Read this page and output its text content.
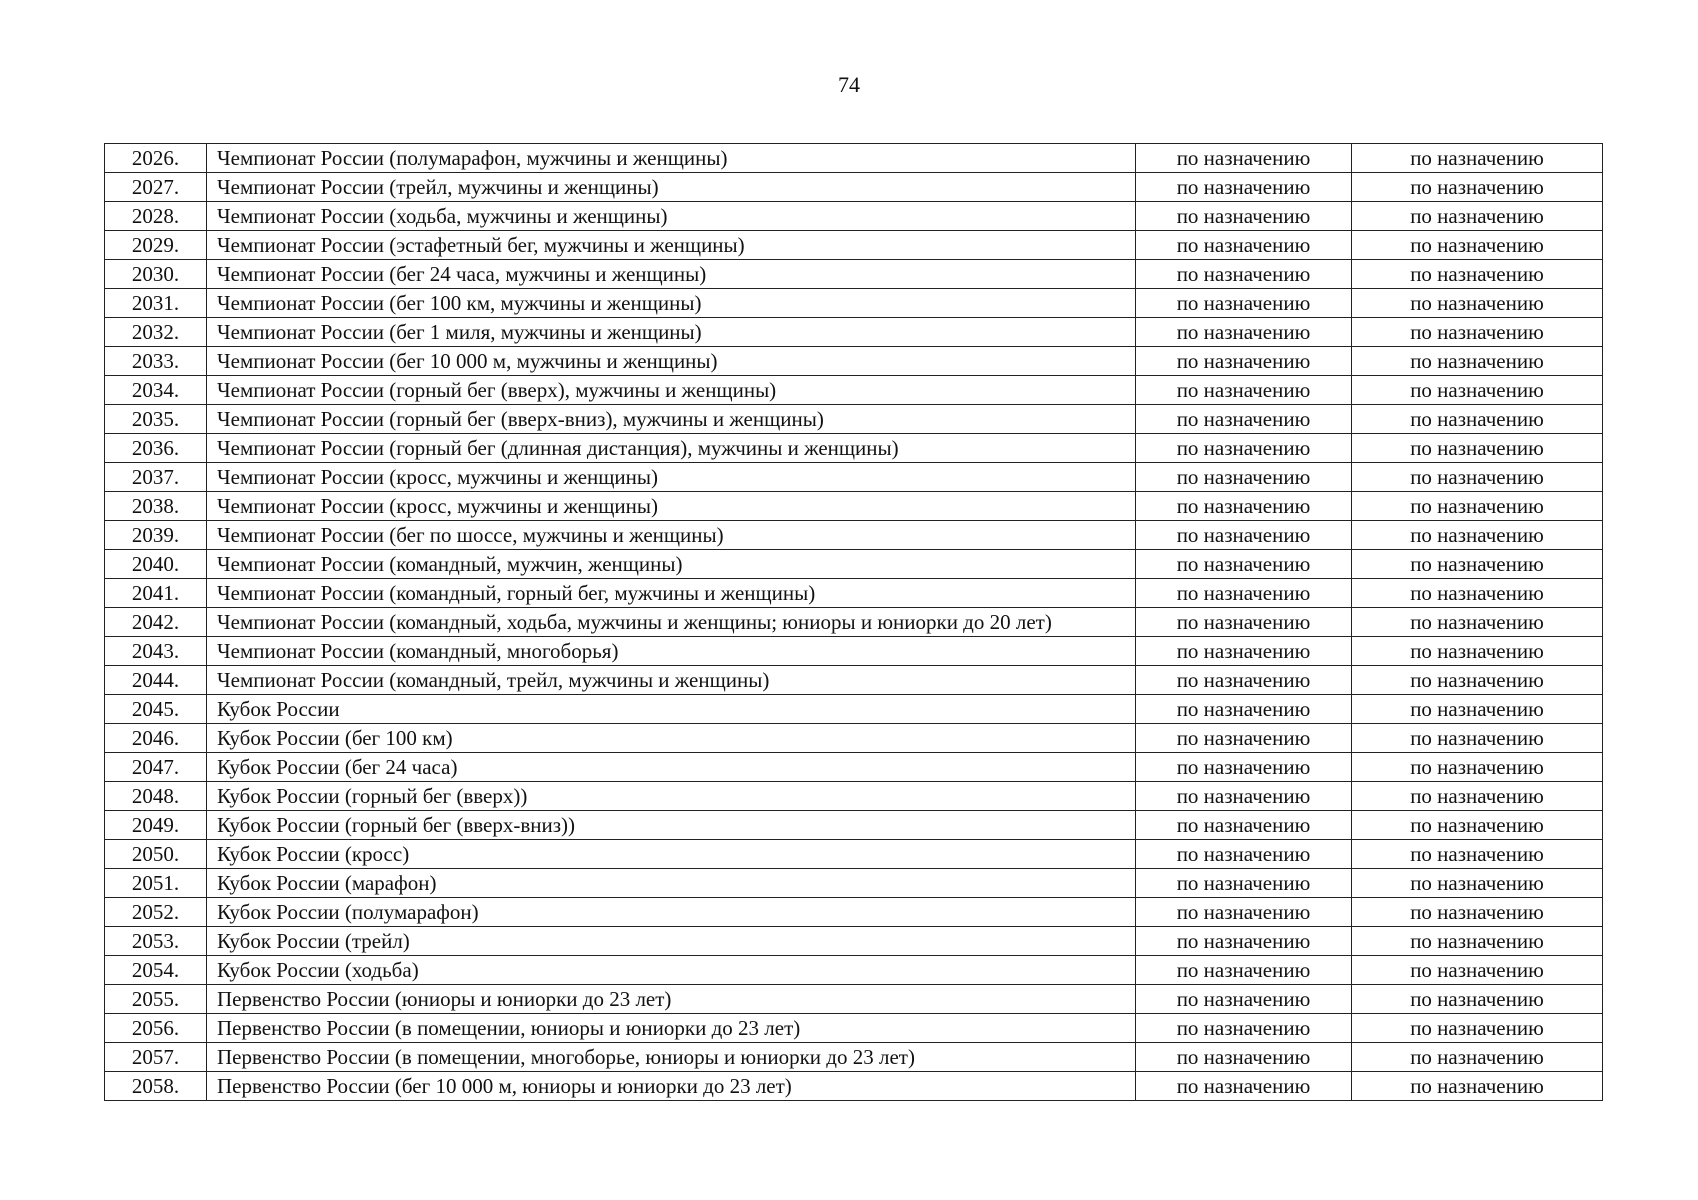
74
2026.	Чемпионат России (полумарафон, мужчины и женщины)	по назначению	по назначению
2027.	Чемпионат России (трейл, мужчины и женщины)	по назначению	по назначению
2028.	Чемпионат России (ходьба, мужчины и женщины)	по назначению	по назначению
2029.	Чемпионат России (эстафетный бег, мужчины и женщины)	по назначению	по назначению
2030.	Чемпионат России (бег 24 часа, мужчины и женщины)	по назначению	по назначению
2031.	Чемпионат России (бег 100 км, мужчины и женщины)	по назначению	по назначению
2032.	Чемпионат России (бег 1 миля, мужчины и женщины)	по назначению	по назначению
2033.	Чемпионат России (бег 10 000 м, мужчины и женщины)	по назначению	по назначению
2034.	Чемпионат России (горный бег (вверх), мужчины и женщины)	по назначению	по назначению
2035.	Чемпионат России (горный бег (вверх-вниз), мужчины и женщины)	по назначению	по назначению
2036.	Чемпионат России (горный бег (длинная дистанция), мужчины и женщины)	по назначению	по назначению
2037.	Чемпионат России (кросс, мужчины и женщины)	по назначению	по назначению
2038.	Чемпионат России (кросс, мужчины и женщины)	по назначению	по назначению
2039.	Чемпионат России (бег по шоссе, мужчины и женщины)	по назначению	по назначению
2040.	Чемпионат России (командный, мужчин, женщины)	по назначению	по назначению
2041.	Чемпионат России (командный, горный бег, мужчины и женщины)	по назначению	по назначению
2042.	Чемпионат России (командный, ходьба, мужчины и женщины; юниоры и юниорки до 20 лет)	по назначению	по назначению
2043.	Чемпионат России (командный, многоборья)	по назначению	по назначению
2044.	Чемпионат России (командный, трейл, мужчины и женщины)	по назначению	по назначению
2045.	Кубок России	по назначению	по назначению
2046.	Кубок России (бег 100 км)	по назначению	по назначению
2047.	Кубок России (бег 24 часа)	по назначению	по назначению
2048.	Кубок России (горный бег (вверх))	по назначению	по назначению
2049.	Кубок России (горный бег (вверх-вниз))	по назначению	по назначению
2050.	Кубок России (кросс)	по назначению	по назначению
2051.	Кубок России (марафон)	по назначению	по назначению
2052.	Кубок России (полумарафон)	по назначению	по назначению
2053.	Кубок России (трейл)	по назначению	по назначению
2054.	Кубок России (ходьба)	по назначению	по назначению
2055.	Первенство России (юниоры и юниорки до 23 лет)	по назначению	по назначению
2056.	Первенство России (в помещении, юниоры и юниорки до 23 лет)	по назначению	по назначению
2057.	Первенство России (в помещении, многоборье, юниоры и юниорки до 23 лет)	по назначению	по назначению
2058.	Первенство России (бег 10 000 м, юниоры и юниорки до 23 лет)	по назначению	по назначению
